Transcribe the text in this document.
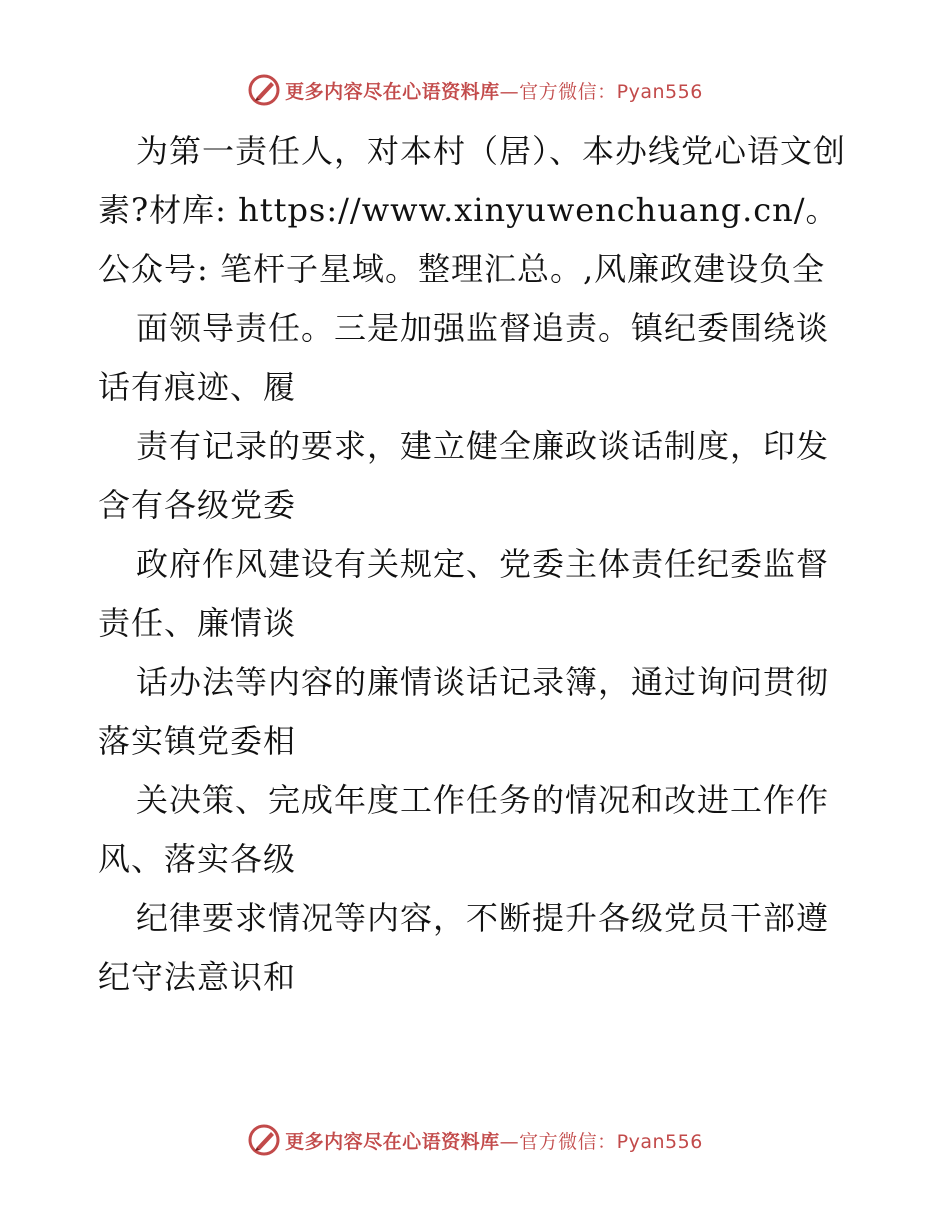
更多内容尽在心语资料库—官方微信：Pyan556

为第一责任人，对本村（居）、本办线党心语文创素?材库: https://www.xinyuwenchuang.cn/。公众号: 笔杆子星域。整理汇总。,风廉政建设负全

面领导责任。三是加强监督追责。镇纪委围绕谈话有痕迹、履

责有记录的要求，建立健全廉政谈话制度，印发含有各级党委

政府作风建设有关规定、党委主体责任纪委监督责任、廉情谈

话办法等内容的廉情谈话记录簿，通过询问贯彻落实镇党委相

关决策、完成年度工作任务的情况和改进工作作风、落实各级

纪律要求情况等内容，不断提升各级党员干部遵纪守法意识和

更多内容尽在心语资料库—官方微信：Pyan556
